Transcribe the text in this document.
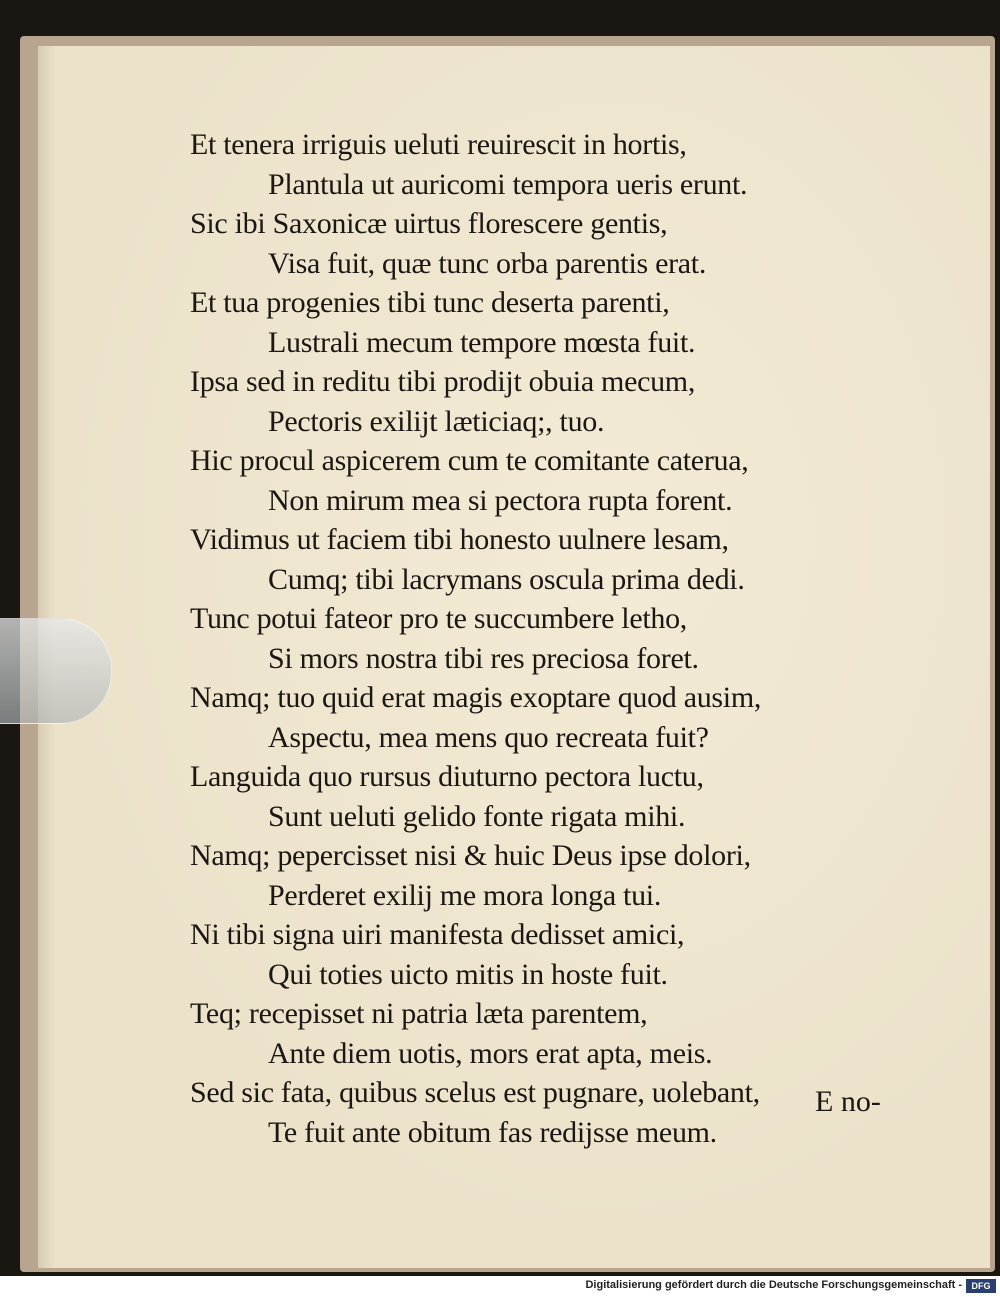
Et tenera irriguis ueluti reuirescit in hortis,
Plantula ut auricomi tempora ueris erunt.
Sic ibi Saxonicæ uirtus florescere gentis,
Visa fuit, quæ tunc orba parentis erat.
Et tua progenies tibi tunc deserta parenti,
Lustrali mecum tempore mœsta fuit.
Ipsa sed in reditu tibi prodijt obuia mecum,
Pectoris exilijt læticiaq;, tuo.
Hic procul aspicerem cum te comitante caterua,
Non mirum mea si pectora rupta forent.
Vidimus ut faciem tibi honesto uulnere lesam,
Cumq; tibi lacrymans oscula prima dedi.
Tunc potui fateor pro te succumbere letho,
Si mors nostra tibi res preciosa foret.
Namq; tuo quid erat magis exoptare quod ausim,
Aspectu, mea mens quo recreata fuit?
Languida quo rursus diuturno pectora luctu,
Sunt ueluti gelido fonte rigata mihi.
Namq; pepercisset nisi & huic Deus ipse dolori,
Perderet exilij me mora longa tui.
Ni tibi signa uiri manifesta dedisset amici,
Qui toties uicto mitis in hoste fuit.
Teq; recepisset ni patria læta parentem,
Ante diem uotis, mors erat apta, meis.
Sed sic fata, quibus scelus est pugnare, uolebant,
Te fuit ante obitum fas redijsse meum.
E no-
Digitalisierung gefördert durch die Deutsche Forschungsgemeinschaft -	DFG
